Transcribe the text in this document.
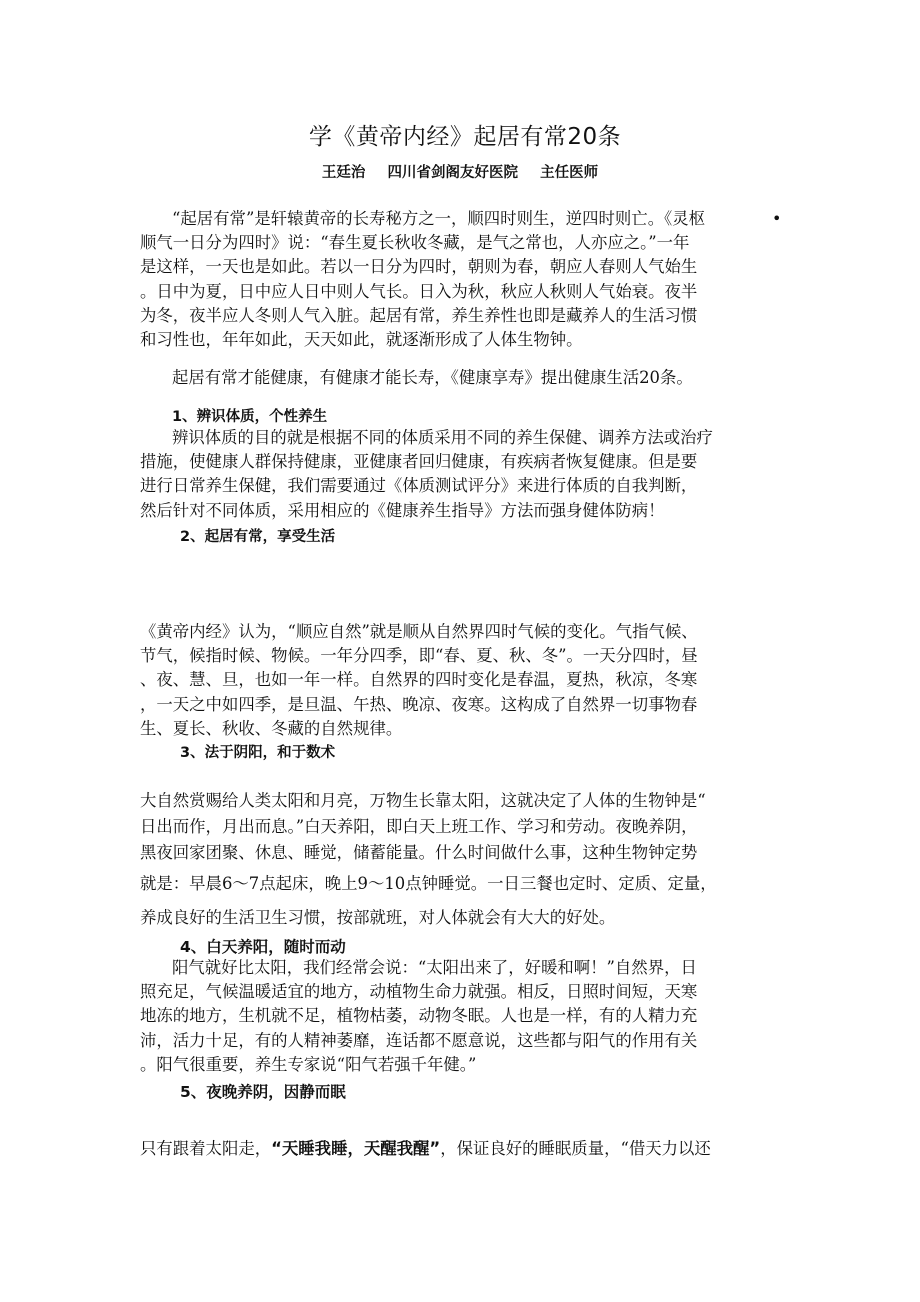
学《黄帝内经》起居有常20条
王廷治  四川省剑阁友好医院  主任医师
“起居有常”是轩辕黄帝的长寿秘方之一，顺四时则生，逆四时则亡。《灵枢
顺气一日分为四时》说：“春生夏长秋收冬藏，是气之常也，人亦应之。”一年
是这样，一天也是如此。若以一日分为四时，朝则为春，朝应人春则人气始生
。日中为夏，日中应人日中则人气长。日入为秋，秋应人秋则人气始衰。夜半
为冬，夜半应人冬则人气入脏。起居有常，养生养性也即是藏养人的生活习惯
和习性也，年年如此，天天如此，就逐渐形成了人体生物钟。
•
起居有常才能健康，有健康才能长寿，《健康享寿》提出健康生活20条。
1、辨识体质，个性养生
辨识体质的目的就是根据不同的体质采用不同的养生保健、调养方法或治疗
措施，使健康人群保持健康，亚健康者回归健康，有疾病者恢复健康。但是要
进行日常养生保健，我们需要通过《体质测试评分》来进行体质的自我判断，
然后针对不同体质，采用相应的《健康养生指导》方法而强身健体防病！
2、起居有常，享受生活
《黄帝内经》认为，“顺应自然”就是顺从自然界四时气候的变化。气指气候、
节气，候指时候、物候。一年分四季，即“春、夏、秋、冬”。一天分四时，昼
、夜、慧、旦，也如一年一样。自然界的四时变化是春温，夏热，秋凉，冬寒
，一天之中如四季，是旦温、午热、晚凉、夜寒。这构成了自然界一切事物春
生、夏长、秋收、冬藏的自然规律。
3、法于阴阳，和于数术
大自然赏赐给人类太阳和月亮，万物生长靠太阳，这就决定了人体的生物钟是“
日出而作，月出而息。”白天养阳，即白天上班工作、学习和劳动。夜晚养阴，
黑夜回家团聚、休息、睡觉，储蓄能量。什么时间做什么事，这种生物钟定势
就是：早晨6～7点起床，晚上9～10点钟睡觉。一日三餐也定时、定质、定量，
养成良好的生活卫生习惯，按部就班，对人体就会有大大的好处。
4、白天养阳，随时而动
阳气就好比太阳，我们经常会说：“太阳出来了，好暖和啊！”自然界，日
照充足，气候温暖适宜的地方，动植物生命力就强。相反，日照时间短，天寒
地冻的地方，生机就不足，植物枯萎，动物冬眠。人也是一样，有的人精力充
沛，活力十足，有的人精神萎靡，连话都不愿意说，这些都与阳气的作用有关
。阳气很重要，养生专家说“阳气若强千年健。”
5、夜晚养阴，因静而眠
只有跟着太阳走，“天睡我睡，天醒我醒”，保证良好的睡眠质量，“借天力以还
